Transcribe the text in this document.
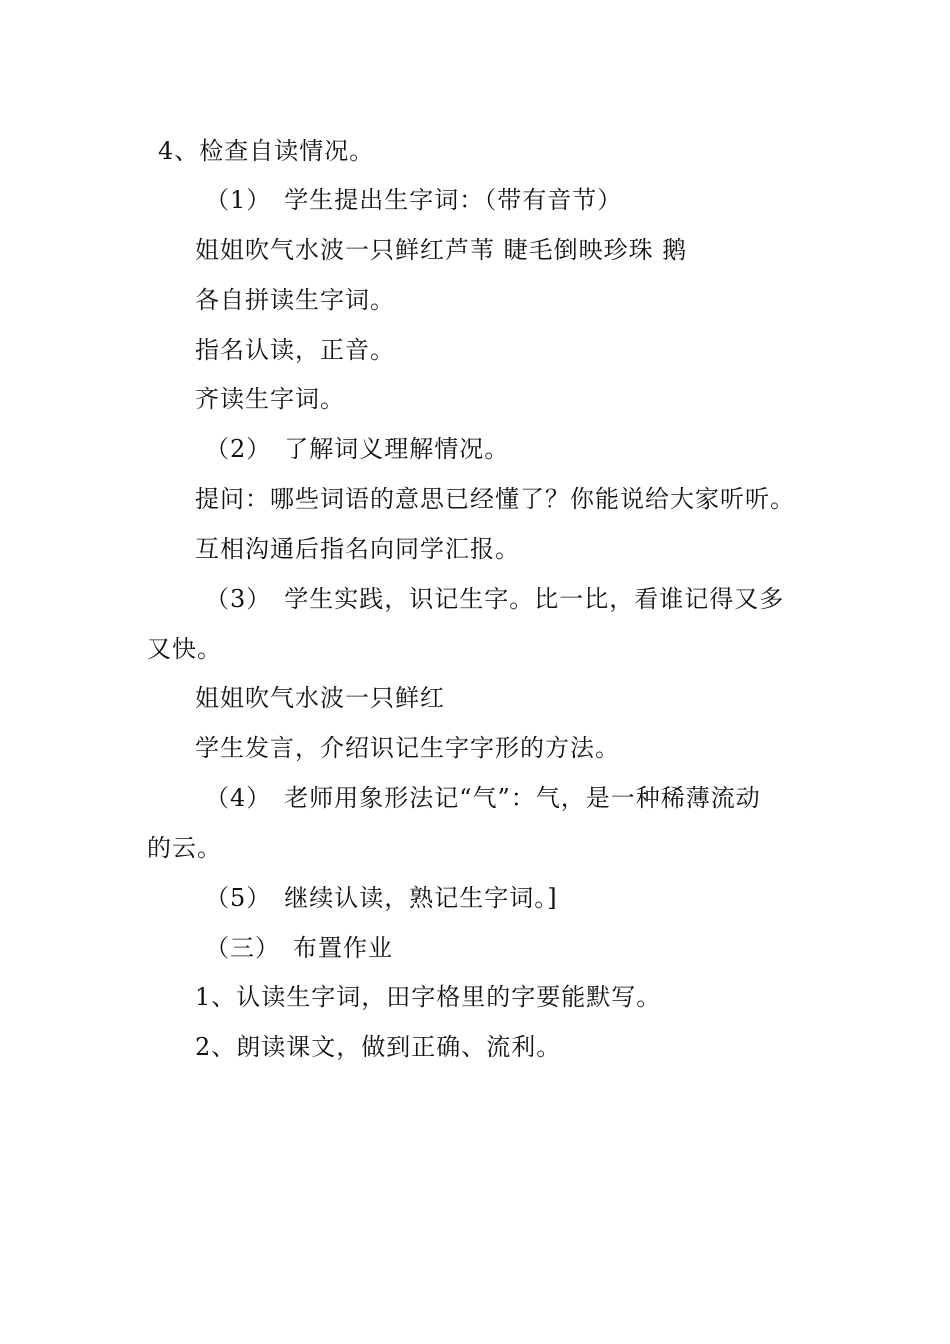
4、检查自读情况。
（1）　学生提出生字词：（带有音节）
姐姐吹气水波一只鲜红芦苇 睫毛倒映珍珠 鹅
各自拼读生字词。
指名认读，正音。
齐读生字词。
（2）　了解词义理解情况。
提问：哪些词语的意思已经懂了？你能说给大家听听。
互相沟通后指名向同学汇报。
（3）　学生实践，识记生字。比一比，看谁记得又多
又快。
姐姐吹气水波一只鲜红
学生发言，介绍识记生字字形的方法。
（4）　老师用象形法记“气”：气，是一种稀薄流动
的云。
（5）　继续认读，熟记生字词。]
（三）　布置作业
1、认读生字词，田字格里的字要能默写。
2、朗读课文，做到正确、流利。
